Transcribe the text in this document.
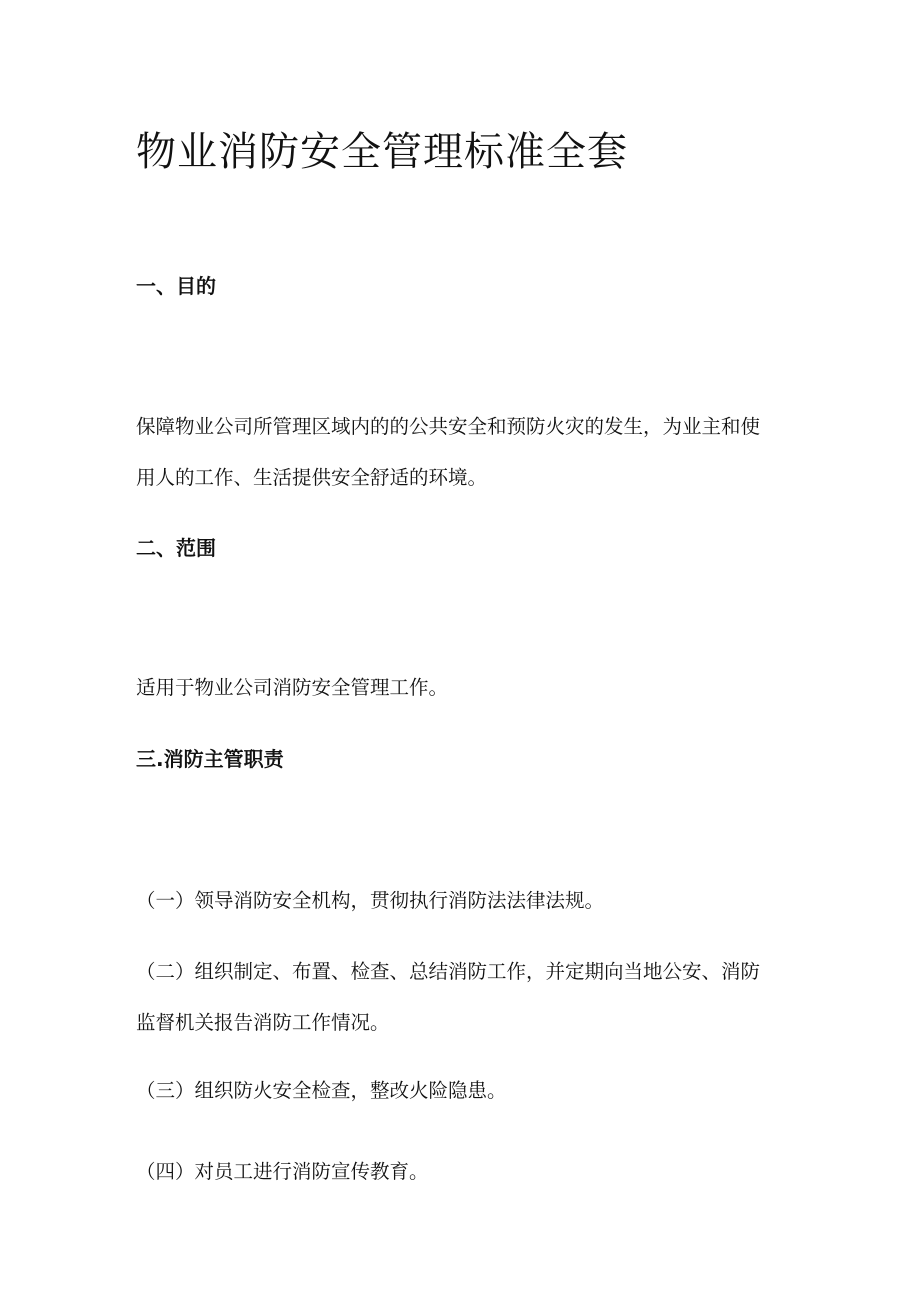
物业消防安全管理标准全套
一、目的

保障物业公司所管理区域内的的公共安全和预防火灾的发生，为业主和使
用人的工作、生活提供安全舒适的环境。

二、范围

适用于物业公司消防安全管理工作。

三.消防主管职责

（一）领导消防安全机构，贯彻执行消防法法律法规。

（二）组织制定、布置、检查、总结消防工作，并定期向当地公安、消防
监督机关报告消防工作情况。

（三）组织防火安全检查，整改火险隐患。

（四）对员工进行消防宣传教育。
